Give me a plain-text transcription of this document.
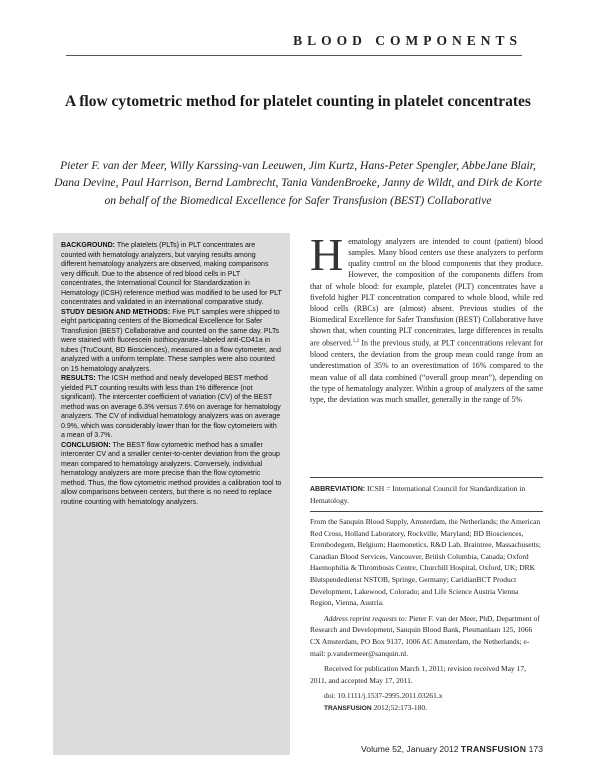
BLOOD COMPONENTS
A flow cytometric method for platelet counting in platelet concentrates
Pieter F. van der Meer, Willy Karssing-van Leeuwen, Jim Kurtz, Hans-Peter Spengler, AbbeJane Blair, Dana Devine, Paul Harrison, Bernd Lambrecht, Tania VandenBroeke, Janny de Wildt, and Dirk de Korte on behalf of the Biomedical Excellence for Safer Transfusion (BEST) Collaborative

BACKGROUND: The platelets (PLTs) in PLT concentrates are counted with hematology analyzers, but varying results among different hematology analyzers are observed, making comparisons very difficult. Due to the absence of red blood cells in PLT concentrates, the International Council for Standardization in Hematology (ICSH) reference method was modified to be used for PLT concentrates and validated in an international comparative study.

STUDY DESIGN AND METHODS: Five PLT samples were shipped to eight participating centers of the Biomedical Excellence for Safer Transfusion (BEST) Collaborative and counted on the same day. PLTs were stained with fluorescein isothiocyanate–labeled anti-CD41a in tubes (TruCount, BD Biosciences), measured on a flow cytometer, and analyzed with a uniform template. These samples were also counted on 15 hematology analyzers.

RESULTS: The ICSH method and newly developed BEST method yielded PLT counting results with less than 1% difference (not significant). The intercenter coefficient of variation (CV) of the BEST method was on average 6.3% versus 7.6% on average for hematology analyzers. The CV of individual hematology analyzers was on average 0.9%, which was considerably lower than for the flow cytometers with a mean of 3.7%.

CONCLUSION: The BEST flow cytometric method has a smaller intercenter CV and a smaller center-to-center deviation from the group mean compared to hematology analyzers. Conversely, individual hematology analyzers are more precise than the flow cytometric method. Thus, the flow cytometric method provides a calibration tool to allow comparisons between centers, but there is no need to replace routine counting with hematology analyzers.

Hematology analyzers are intended to count (patient) blood samples. Many blood centers use these analyzers to perform quality control on the blood components that they produce. However, the composition of the components differs from that of whole blood: for example, platelet (PLT) concentrates have a fivefold higher PLT concentration compared to whole blood, while red blood cells (RBCs) are (almost) absent. Previous studies of the Biomedical Excellence for Safer Transfusion (BEST) Collaborative have shown that, when counting PLT concentrates, large differences in results are observed.$^{1,2}$ In the previous study, at PLT concentrations relevant for blood centers, the deviation from the group mean could range from an underestimation of 35% to an overestimation of 16% compared to the mean value of all data combined (“overall group mean”), depending on the type of hematology analyzer. Within a group of analyzers of the same type, the deviation was much smaller, generally in the range of 5%
ABBREVIATION: ICSH = International Council for Standardization in Hematology.

From the Sanquin Blood Supply, Amsterdam, the Netherlands; the American Red Cross, Holland Laboratory, Rockville, Maryland; BD Biosciences, Erembodegem, Belgium; Haemonetics, R&D Lab, Braintree, Massachusetts; Canadian Blood Services, Vancouver, British Columbia, Canada; Oxford Haemophilia & Thrombosis Centre, Churchill Hospital, Oxford, UK; DRK Blutspendedienst NSTOB, Springe, Germany; CaridianBCT Product Development, Lakewood, Colorado; and Life Science Austria Vienna Region, Vienna, Austria.

Address reprint requests to: Pieter F. van der Meer, PhD, Department of Research and Development, Sanquin Blood Bank, Plesmanlaan 125, 1066 CX Amsterdam, PO Box 9137, 1006 AC Amsterdam, the Netherlands; e-mail: p.vandermeer@sanquin.nl.

Received for publication March 1, 2011; revision received May 17, 2011, and accepted May 17, 2011.

doi: 10.1111/j.1537-2995.2011.03261.x

TRANSFUSION 2012;52:173-180.

Volume 52, January 2012 TRANSFUSION 173
